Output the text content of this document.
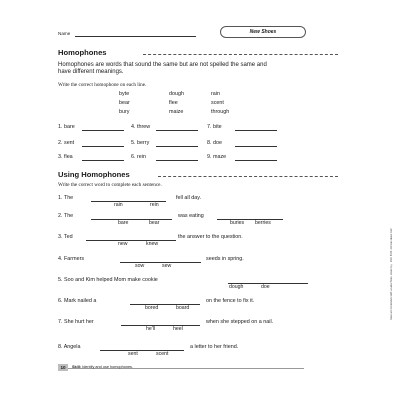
Name	New Shoes
Homophones
Homophones are words that sound the same but are not spelled the same and have different meanings.
Write the correct homophone on each line.
byte	dough	rain
bear	flee	scent
bury	maize	through
1. bare	4. threw	7. bite
2. sent	5. berry	8. doe
3. flea	6. rein	9. maze
Using Homophones
Write the correct word to complete each sentence.
1. The	fell all day.
rain	rein
2. The	was eating
bare	bear	buries berries
3. Ted	the answer to the question.
new	knew
4. Farmers	seeds in spring.
sow	sew
5. Soo and Kim helped Mom make cookie
dough	doe
6. Mark nailed a	on the fence to fix it.
bored	board
7. She hurt her	when she stepped on a nail.
he'll	heel
8. Angela	a letter to her friend.
sent	scent
Read and Understand with Leveled Texts, Grade 3 © EMC 5443 • All Ears about Corn
10	Skill: Identify and use homophones.
